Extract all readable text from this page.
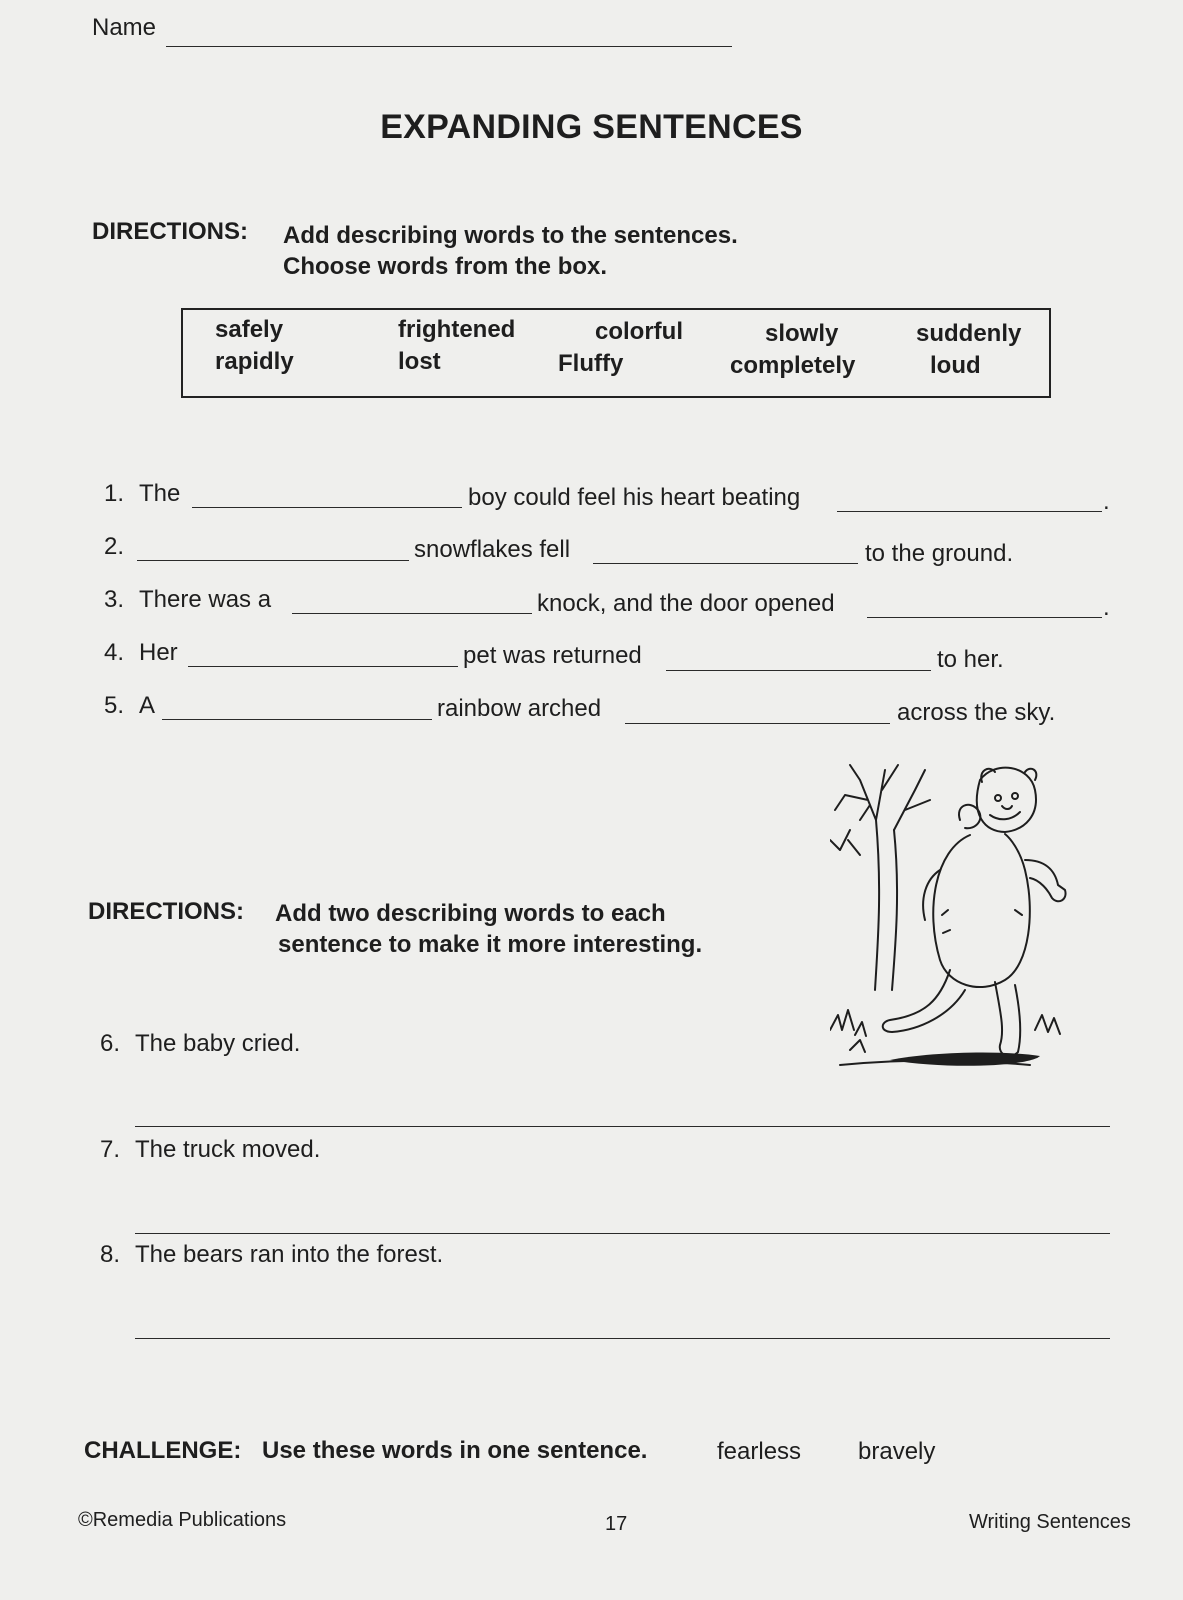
Name
EXPANDING SENTENCES
DIRECTIONS: Add describing words to the sentences.
Choose words from the box.
safely	frightened	colorful	slowly	suddenly
rapidly	lost	Fluffy	completely	loud
1. The	boy could feel his heart beating	.
2.	snowflakes fell	to the ground.
3. There was a	knock, and the door opened	.
4. Her	pet was returned	to her.
5. A	rainbow arched	across the sky.
DIRECTIONS: Add two describing words to each
sentence to make it more interesting.
6. The baby cried.
7. The truck moved.
8. The bears ran into the forest.
CHALLENGE: Use these words in one sentence.	fearless bravely
©Remedia Publications	17	Writing Sentences
